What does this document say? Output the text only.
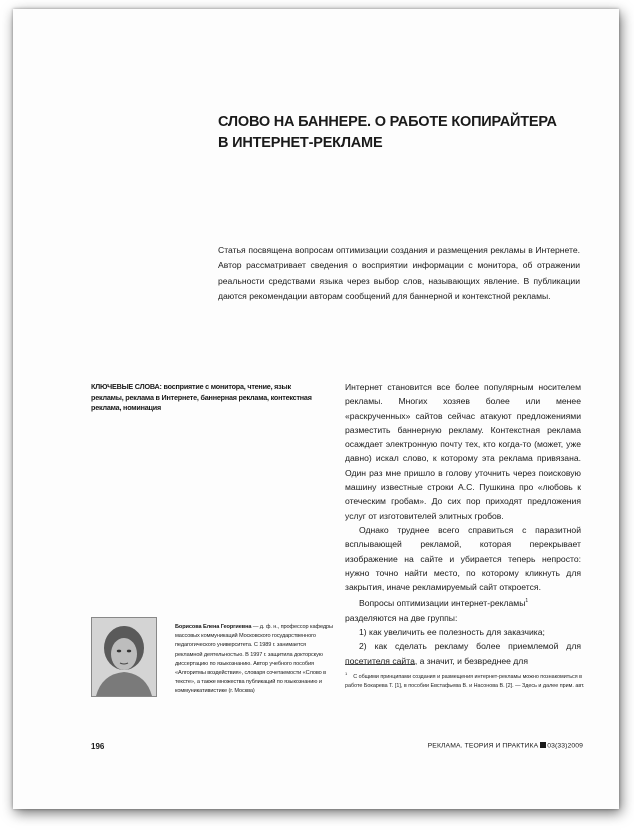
СЛОВО НА БАННЕРЕ. О РАБОТЕ КОПИРАЙТЕРА
В ИНТЕРНЕТ-РЕКЛАМЕ
Статья посвящена вопросам оптимизации создания и размещения рекламы в Интернете. Автор рассматривает сведения о восприятии информации с монитора, об отражении реальности средствами языка через выбор слов, называющих явление. В публикации даются рекомендации авторам сообщений для баннерной и контекстной рекламы.
КЛЮЧЕВЫЕ СЛОВА: восприятие с монитора, чтение, язык рекламы, реклама в Интернете, баннерная реклама, контекстная реклама, номинация

Интернет становится все более популярным носителем рекламы. Многих хозяев более или менее «раскрученных» сайтов сейчас атакуют предложениями разместить баннерную рекламу. Контекстная реклама осаждает электронную почту тех, кто когда-то (может, уже давно) искал слово, к которому эта реклама привязана. Один раз мне пришло в голову уточнить через поисковую машину известные строки А.С. Пушкина про «любовь к отеческим гробам». До сих пор приходят предложения услуг от изготовителей элитных гробов.

Однако труднее всего справиться с паразитной всплывающей рекламой, которая перекрывает изображение на сайте и убирается теперь непросто: нужно точно найти место, по которому кликнуть для закрытия, иначе рекламируемый сайт откроется.

Вопросы оптимизации интернет-рекламы$^1$
разделяются на две группы:

1) как увеличить ее полезность для заказчика;

2) как сделать рекламу более приемлемой для посетителя сайта, а значит, и безвреднее для

Борисова Елена Георгиевна — д. ф. н., профессор кафедры массовых коммуникаций Московского государственного педагогического университета. С 1989 г. занимается рекламной деятельностью. В 1997 г. защитила докторскую диссертацию по языкознанию. Автор учебного пособия «Алгоритмы воздействия», словаря сочетаемости «Слово в тексте», а также множества публикаций по языкознанию и коммуникативистике (г. Москва)
$^1$С общими принципами создания и размещения интернет-рекламы можно познакомиться в работе Бокарева Т. [1], в пособии Евстафьева В. и Насонова В. [2]. — Здесь и далее прим. авт.
196	РЕКЛАМА. ТЕОРИЯ И ПРАКТИКА 03(33)2009
